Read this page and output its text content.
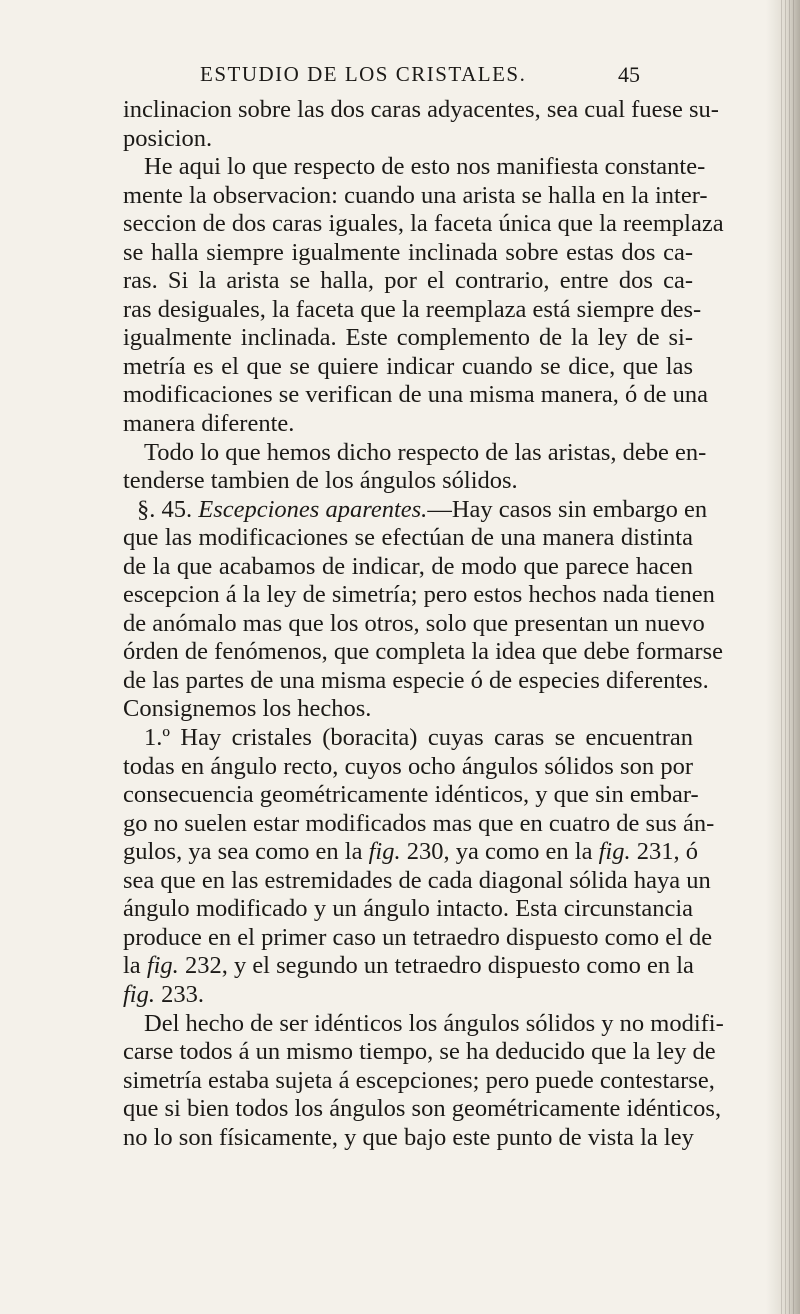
ESTUDIO DE LOS CRISTALES.	45
inclinacion sobre las dos caras adyacentes, sea cual fuese su-
posicion.
He aqui lo que respecto de esto nos manifiesta constante-
mente la observacion: cuando una arista se halla en la inter-
seccion de dos caras iguales, la faceta única que la reemplaza
se halla siempre igualmente inclinada sobre estas dos ca-
ras. Si la arista se halla, por el contrario, entre dos ca-
ras desiguales, la faceta que la reemplaza está siempre des-
igualmente inclinada. Este complemento de la ley de si-
metría es el que se quiere indicar cuando se dice, que las
modificaciones se verifican de una misma manera, ó de una
manera diferente.
Todo lo que hemos dicho respecto de las aristas, debe en-
tenderse tambien de los ángulos sólidos.
§. 45. Escepciones aparentes.—Hay casos sin embargo en
que las modificaciones se efectúan de una manera distinta
de la que acabamos de indicar, de modo que parece hacen
escepcion á la ley de simetría; pero estos hechos nada tienen
de anómalo mas que los otros, solo que presentan un nuevo
órden de fenómenos, que completa la idea que debe formarse
de las partes de una misma especie ó de especies diferentes.
Consignemos los hechos.
1.º Hay cristales (boracita) cuyas caras se encuentran
todas en ángulo recto, cuyos ocho ángulos sólidos son por
consecuencia geométricamente idénticos, y que sin embar-
go no suelen estar modificados mas que en cuatro de sus án-
gulos, ya sea como en la fig. 230, ya como en la fig. 231, ó
sea que en las estremidades de cada diagonal sólida haya un
ángulo modificado y un ángulo intacto. Esta circunstancia
produce en el primer caso un tetraedro dispuesto como el de
la fig. 232, y el segundo un tetraedro dispuesto como en la
fig. 233.
Del hecho de ser idénticos los ángulos sólidos y no modifi-
carse todos á un mismo tiempo, se ha deducido que la ley de
simetría estaba sujeta á escepciones; pero puede contestarse,
que si bien todos los ángulos son geométricamente idénticos,
no lo son físicamente, y que bajo este punto de vista la ley
